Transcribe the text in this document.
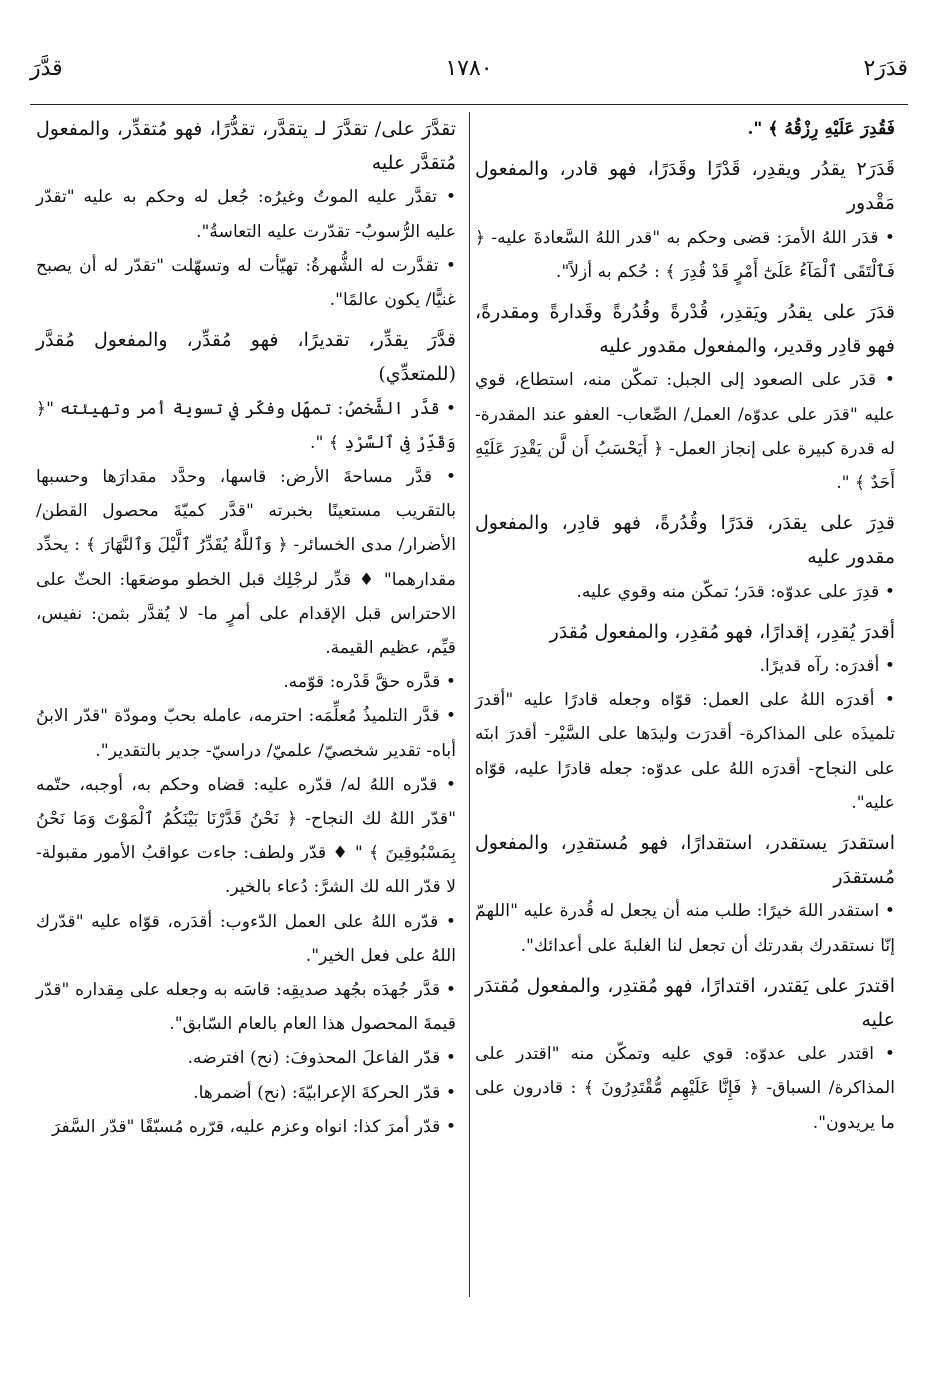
قدَرَ٢
١٧٨٠
قدَّرَ

فَقُدِرَ عَلَيْهِ رِزْقُهُ ﴾ ".

قَدَرَ٢ يقدُر ويقدِر، قَدْرًا وقَدَرًا، فهو قادر، والمفعول مَقْدور

• قدَر اللهُ الأمرَ: قضى وحكم به "قدر اللهُ السَّعادةَ عليه- ﴿ فَٱلْتَقَى ٱلْمَآءُ عَلَىٰٓ أَمْرٍ قَدْ قُدِرَ ﴾ : حُكم به أزلاً".

قدَرَ على يقدُر ويَقدِر، قُدْرةً وقُدُرةً وقَدارةً ومقدرةً، فهو قادِر وقدير، والمفعول مقدور عليه

• قدَر على الصعود إلى الجبل: تمكّن منه، استطاع، قوي عليه "قدَر على عدوّه/ العمل/ الصِّعاب- العفو عند المقدرة- له قدرة كبيرة على إنجاز العمل- ﴿ أَيَحْسَبُ أَن لَّن يَقْدِرَ عَلَيْهِ أَحَدٌ ﴾ ".

قدِرَ على يقدَر، قدَرًا وقُدُرةً، فهو قادِر، والمفعول مقدور عليه

• قدِرَ على عدوّه: قدَر؛ تمكّن منه وقوي عليه.

أقدرَ يُقدِر، إقدارًا، فهو مُقدِر، والمفعول مُقدَر

• أقدرَه: رآه قديرًا.

• أقدرَه اللهُ على العمل: قوّاه وجعله قادرًا عليه "أقدرَ تلميذَه على المذاكرة- أقدرَت وليدَها على السَّيْر- أقدرَ ابنَه على النجاح- أقدرَه اللهُ على عدوّه: جعله قادرًا عليه، قوّاه عليه".

استقدرَ يستقدر، استقدارًا، فهو مُستقدِر، والمفعول مُستقدَر

• استقدر اللهَ خيرًا: طلب منه أن يجعل له قُدرة عليه "اللهمّ إنّا نستقدرك بقدرتك أن تجعل لنا الغلبةَ على أعدائك".

اقتدرَ على يَقتدر، اقتدارًا، فهو مُقتدِر، والمفعول مُقتدَر عليه

• اقتدر على عدوّه: قوي عليه وتمكّن منه "اقتدر على المذاكرة/ السباق- ﴿ فَإِنَّا عَلَيْهِم مُّقْتَدِرُونَ ﴾ : قادرون على ما يريدون".

تقدَّرَ على/ تقدَّرَ لـ يتقدَّر، تقدُّرًا، فهو مُتقدِّر، والمفعول مُتقدَّر عليه

• تقدَّر عليه الموتُ وغيرُه: جُعل له وحكم به عليه "تقدّر عليه الرُّسوبُ- تقدّرت عليه التعاسةُ".

• تقدَّرت له الشُّهرةُ: تهيّأت له وتسهّلت "تقدّر له أن يصبح غنيًّا/ يكون عالمًا".

قدَّرَ يقدِّر، تقديرًا، فهو مُقدِّر، والمفعول مُقدَّر (للمتعدِّي)

• قدَّر الشَّخصُ: تمهّل وفكّر في تسوية أمر وتهيئته "﴿ وَقَدِّرْ فِى ٱلسَّرْدِ ﴾ ".

• قدَّر مساحةَ الأرض: قاسها، وحدَّد مقدارَها وحسبها بالتقريب مستعينًا بخبرته "قدَّر كميّةَ محصول القطن/ الأضرار/ مدى الخسائر- ﴿ وَٱللَّهُ يُقَدِّرُ ٱلَّيْلَ وَٱلنَّهَارَ ﴾ : يحدِّد مقدارهما" ♦ قدِّر لرجْلِك قبل الخطو موضعَها: الحثّ على الاحتراس قبل الإقدام على أمرٍ ما- لا يُقدَّر بثمن: نفيس، قيِّم، عظيم القيمة.

• قدَّره حقَّ قَدْره: قوّمه.

• قدَّر التلميذُ مُعلِّمَه: احترمه، عامله بحبّ ومودّة "قدّر الابنُ أباه- تقدير شخصيّ/ علميّ/ دراسيّ- جدير بالتقدير".

• قدّره اللهُ له/ قدّره عليه: قضاه وحكم به، أوجبه، حتّمه "قدّر اللهُ لك النجاح- ﴿ نَحْنُ قَدَّرْنَا بَيْنَكُمُ ٱلْمَوْتَ وَمَا نَحْنُ بِمَسْبُوقِينَ ﴾ " ♦ قدّر ولطف: جاءت عواقبُ الأمور مقبولة- لا قدّر الله لك الشرَّ: دُعاء بالخير.

• قدّره اللهُ على العمل الدّءوب: أقدَره، قوّاه عليه "قدّرك اللهُ على فعل الخير".

• قدَّر جُهدَه بجُهد صديقِه: قاسَه به وجعله على مِقداره "قدّر قيمةَ المحصول هذا العام بالعام السّابق".

• قدّر الفاعلَ المحذوفَ: (نح) افترضه.

• قدّر الحركةَ الإعرابيّةَ: (نح) أضمرها.

• قدّر أمرَ كذا: انواه وعزم عليه، قرّره مُسبّقًا "قدّر السَّفرَ
